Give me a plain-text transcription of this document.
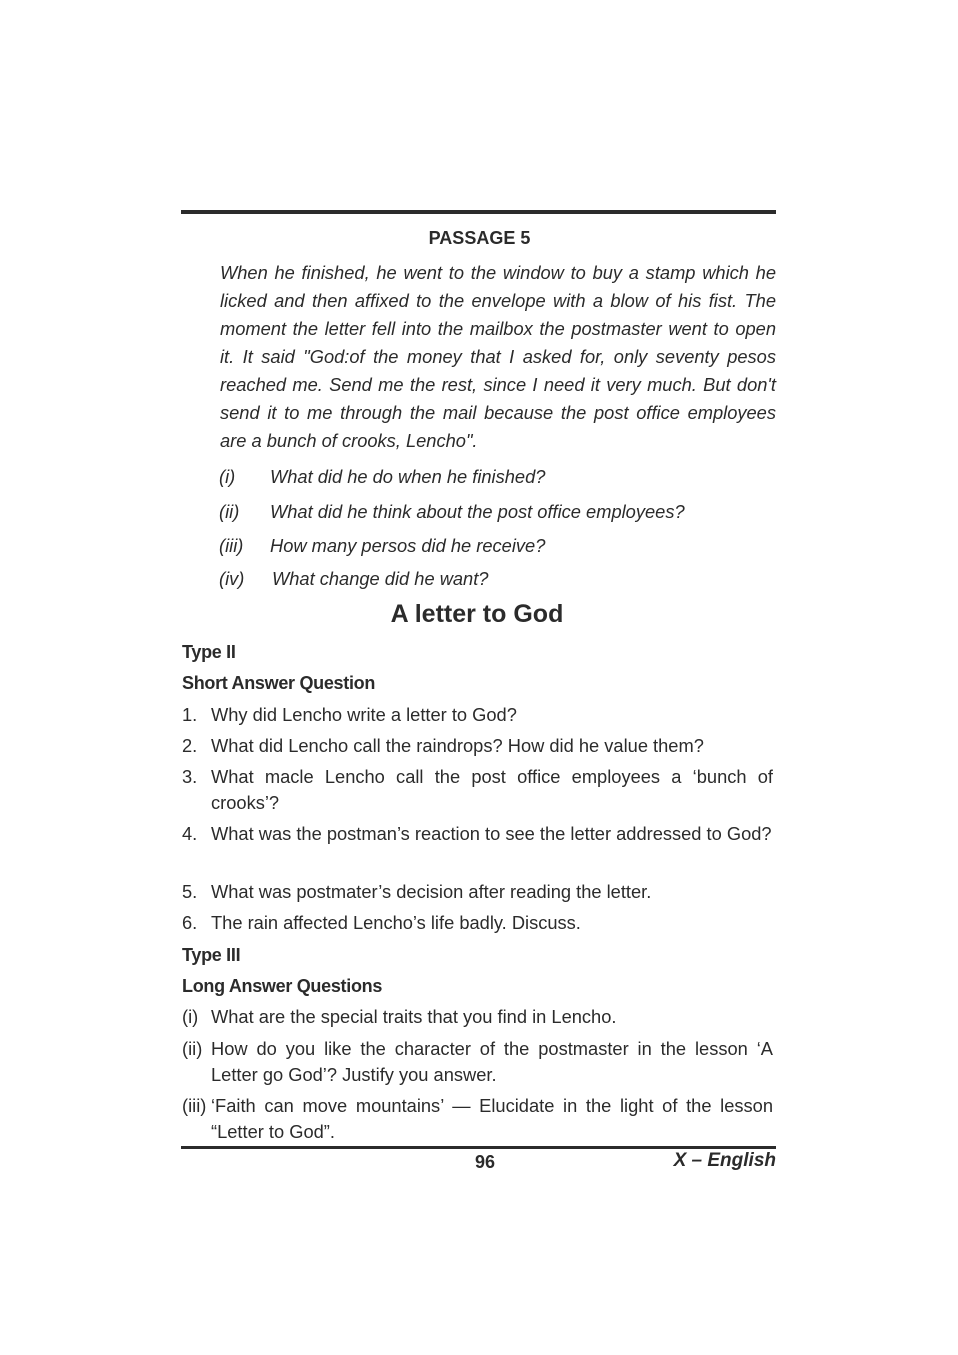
PASSAGE 5

When he finished, he went to the window to buy a stamp which he licked and then affixed to the envelope with a blow of his fist. The moment the letter fell into the mailbox the postmaster went to open it. It said "God:of the money that I asked for, only seventy pesos reached me. Send me the rest, since I need it very much. But don't send it to me through the mail because the post office employees are a bunch of crooks, Lencho".

(i) What did he do when he finished?
(ii) What did he think about the post office employees?
(iii) How many persos did he receive?
(iv) What change did he want?
A letter to God
Type II
Short Answer Question
1. Why did Lencho write a letter to God?
2. What did Lencho call the raindrops? How did he value them?
3. What macle Lencho call the post office employees a ‘bunch of crooks’?
4. What was the postman’s reaction to see the letter addressed to God?
5. What was postmater’s decision after reading the letter.
6. The rain affected Lencho’s life badly. Discuss.
Type III
Long Answer Questions
(i) What are the special traits that you find in Lencho.
(ii) How do you like the character of the postmaster in the lesson ‘A Letter go God’? Justify you answer.
(iii) ‘Faith can move mountains’ — Elucidate in the light of the lesson “Letter to God”.
96	X – English
